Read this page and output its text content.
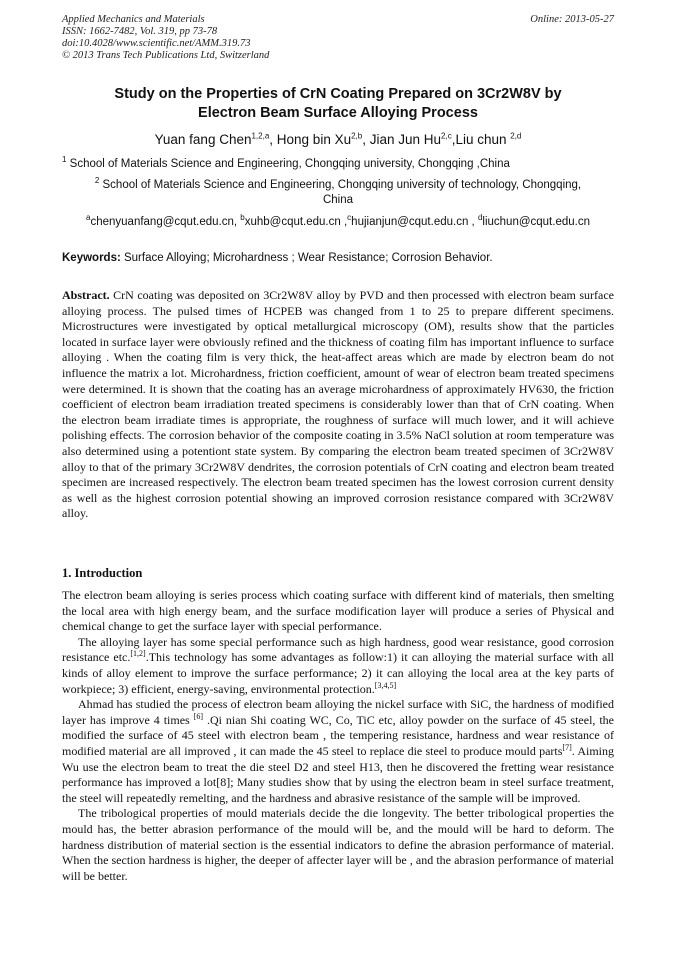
Applied Mechanics and Materials
ISSN: 1662-7482, Vol. 319, pp 73-78
doi:10.4028/www.scientific.net/AMM.319.73
© 2013 Trans Tech Publications Ltd, Switzerland
Online: 2013-05-27
Study on the Properties of CrN Coating Prepared on 3Cr2W8V by
Electron Beam Surface Alloying Process
Yuan fang Chen$^{1,2,a}$, Hong bin Xu$^{2,b}$, Jian Jun Hu$^{2,c}$,Liu chun $^{2,d}$
$^1$ School of Materials Science and Engineering, Chongqing university, Chongqing ,China
$^2$ School of Materials Science and Engineering, Chongqing university of technology, Chongqing,
China
$^a$chenyuanfang@cqut.edu.cn, $^b$xuhb@cqut.edu.cn ,$^c$hujianjun@cqut.edu.cn , $^d$liuchun@cqut.edu.cn
Keywords: Surface Alloying; Microhardness ; Wear Resistance; Corrosion Behavior.

Abstract. CrN coating was deposited on 3Cr2W8V alloy by PVD and then processed with electron beam surface alloying process. The pulsed times of HCPEB was changed from 1 to 25 to prepare different specimens. Microstructures were investigated by optical metallurgical microscopy (OM), results show that the particles located in surface layer were obviously refined and the thickness of coating film has important influence to surface alloying . When the coating film is very thick, the heat-affect areas which are made by electron beam do not influence the matrix a lot. Microhardness, friction coefficient, amount of wear of electron beam treated specimens were determined. It is shown that the coating has an average microhardness of approximately HV630, the friction coefficient of electron beam irradiation treated specimens is considerably lower than that of CrN coating. When the electron beam irradiate times is appropriate, the roughness of surface will much lower, and it will achieve polishing effects. The corrosion behavior of the composite coating in 3.5% NaCl solution at room temperature was also determined using a potentiont state system. By comparing the electron beam treated specimen of 3Cr2W8V alloy to that of the primary 3Cr2W8V dendrites, the corrosion potentials of CrN coating and electron beam treated specimen are increased respectively. The electron beam treated specimen has the lowest corrosion current density as well as the highest corrosion potential showing an improved corrosion resistance compared with 3Cr2W8V alloy.

1. Introduction

The electron beam alloying is series process which coating surface with different kind of materials, then smelting the local area with high energy beam, and the surface modification layer will produce a series of Physical and chemical change to get the surface layer with special performance.

The alloying layer has some special performance such as high hardness, good wear resistance, good corrosion resistance etc.[1,2].This technology has some advantages as follow:1) it can alloying the material surface with all kinds of alloy element to improve the surface performance; 2) it can alloying the local area at the key parts of workpiece; 3) efficient, energy-saving, environmental protection.[3,4,5]

Ahmad has studied the process of electron beam alloying the nickel surface with SiC, the hardness of modified layer has improve 4 times [6] .Qi nian Shi coating WC, Co, TiC etc, alloy powder on the surface of 45 steel, the modified the surface of 45 steel with electron beam , the tempering resistance, hardness and wear resistance of modified material are all improved , it can made the 45 steel to replace die steel to produce mould parts[7]. Aiming Wu use the electron beam to treat the die steel D2 and steel H13, then he discovered the fretting wear resistance performance has improved a lot[8]; Many studies show that by using the electron beam in steel surface treatment, the steel will repeatedly remelting, and the hardness and abrasive resistance of the sample will be improved.

The tribological properties of mould materials decide the die longevity. The better tribological properties the mould has, the better abrasion performance of the mould will be, and the mould will be hard to deform. The hardness distribution of material section is the essential indicators to define the abrasion performance of material. When the section hardness is higher, the deeper of affecter layer will be , and the abrasion performance of material will be better.
